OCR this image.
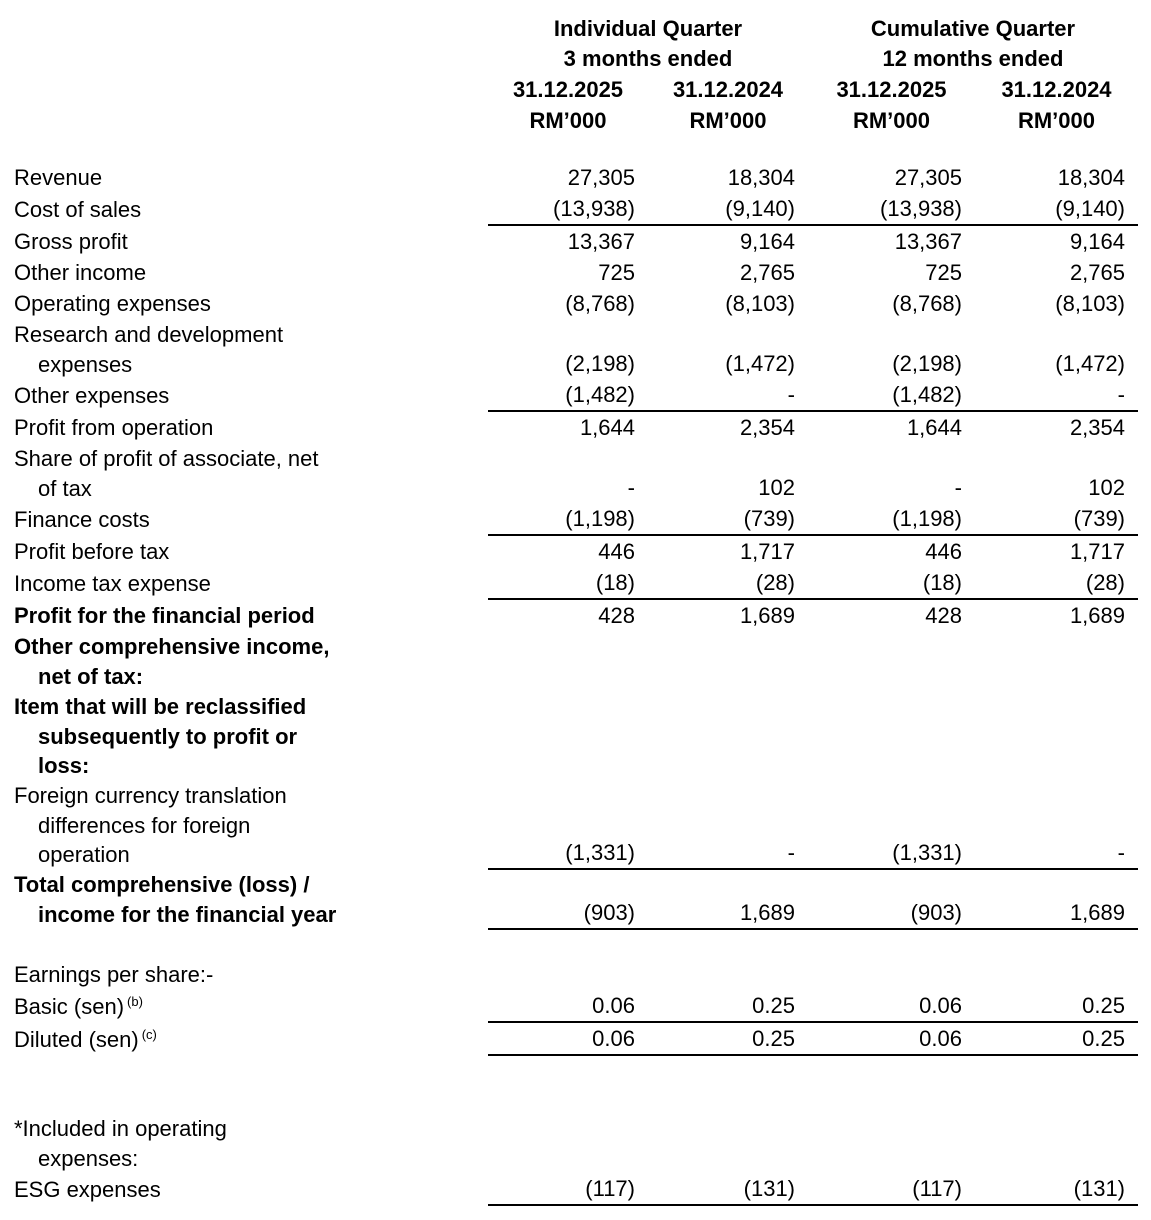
	Individual Quarter		Cumulative Quarter	
	3 months ended		12 months ended	
	31.12.2025	31.12.2024	31.12.2025	31.12.2024
	RM’000	RM’000	RM’000	RM’000

Revenue	27,305	18,304	27,305	18,304

Cost of sales	(13,938)	(9,140)	(13,938)	(9,140)

Gross profit	13,367	9,164	13,367	9,164

Other income	725	2,765	725	2,765

Operating expenses	(8,768)	(8,103)	(8,768)	(8,103)

Research and development
expenses	(2,198)	(1,472)	(2,198)	(1,472)

Other expenses	(1,482)	-	(1,482)	-

Profit from operation	1,644	2,354	1,644	2,354

Share of profit of associate, net
of tax	-	102	-	102

Finance costs	(1,198)	(739)	(1,198)	(739)

Profit before tax	446	1,717	446	1,717

Income tax expense	(18)	(28)	(18)	(28)

Profit for the financial period	428	1,689	428	1,689

Other comprehensive income,
net of tax:				

Item that will be reclassified
subsequently to profit or
loss:				

Foreign currency translation
differences for foreign
operation	(1,331)	-	(1,331)	-

Total comprehensive (loss) /
income for the financial year	(903)	1,689	(903)	1,689

Earnings per share:-				

Basic (sen) $^{(b)}$	0.06	0.25	0.06	0.25

Diluted (sen) $^{(c)}$	0.06	0.25	0.06	0.25

*Included in operating
expenses:				

ESG expenses	(117)	(131)	(117)	(131)
